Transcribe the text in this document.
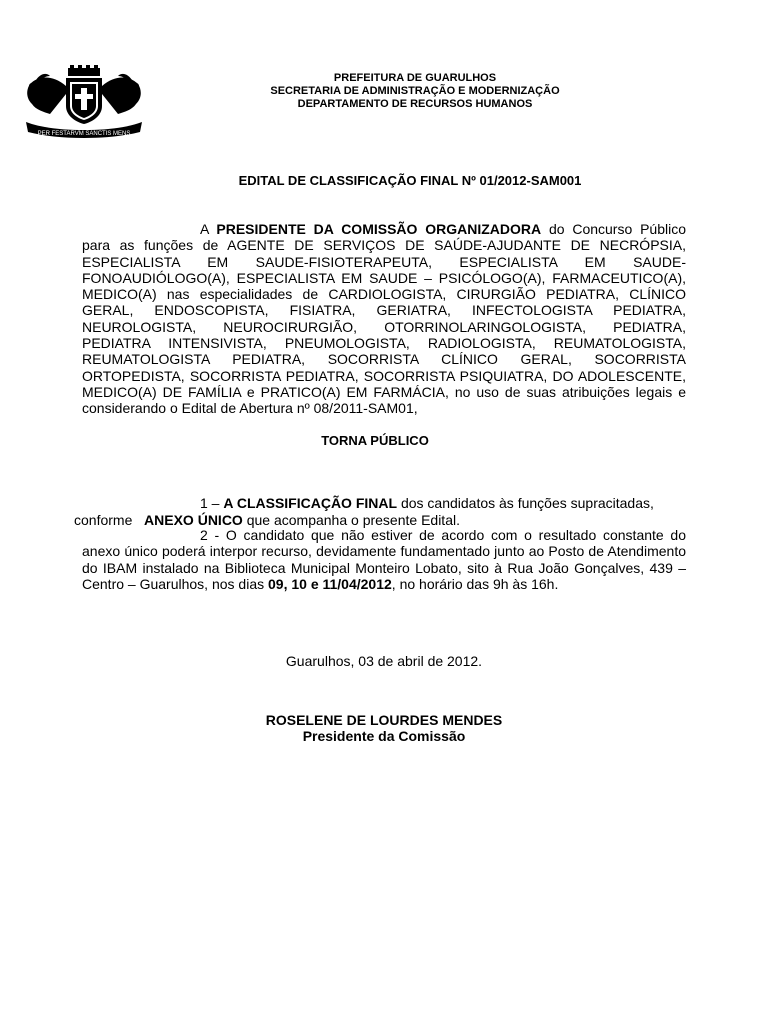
PER FESTARVM SANCTIS MENS
PREFEITURA DE GUARULHOS
SECRETARIA DE ADMINISTRAÇÃO E MODERNIZAÇÃO
DEPARTAMENTO DE RECURSOS HUMANOS
EDITAL DE CLASSIFICAÇÃO FINAL Nº 01/2012-SAM001
A PRESIDENTE DA COMISSÃO ORGANIZADORA do Concurso Público para as funções de AGENTE DE SERVIÇOS DE SAÚDE-AJUDANTE DE NECRÓPSIA, ESPECIALISTA EM SAUDE-FISIOTERAPEUTA, ESPECIALISTA EM SAUDE-FONOAUDIÓLOGO(A), ESPECIALISTA EM SAUDE – PSICÓLOGO(A), FARMACEUTICO(A), MEDICO(A) nas especialidades de CARDIOLOGISTA, CIRURGIÃO PEDIATRA, CLÍNICO GERAL, ENDOSCOPISTA, FISIATRA, GERIATRA, INFECTOLOGISTA PEDIATRA, NEUROLOGISTA, NEUROCIRURGIÃO, OTORRINOLARINGOLOGISTA, PEDIATRA, PEDIATRA INTENSIVISTA, PNEUMOLOGISTA, RADIOLOGISTA, REUMATOLOGISTA, REUMATOLOGISTA PEDIATRA, SOCORRISTA CLÍNICO GERAL, SOCORRISTA ORTOPEDISTA, SOCORRISTA PEDIATRA, SOCORRISTA PSIQUIATRA, DO ADOLESCENTE, MEDICO(A) DE FAMÍLIA e PRATICO(A) EM FARMÁCIA, no uso de suas atribuições legais e considerando o Edital de Abertura nº 08/2011-SAM01,
TORNA PÚBLICO
1 – A CLASSIFICAÇÃO FINAL dos candidatos às funções supracitadas,
conforme   ANEXO ÚNICO que acompanha o presente Edital.
2 - O candidato que não estiver de acordo com o resultado constante do anexo único poderá interpor recurso, devidamente fundamentado junto ao Posto de Atendimento do IBAM instalado na Biblioteca Municipal Monteiro Lobato, sito à Rua João Gonçalves, 439 – Centro – Guarulhos, nos dias 09, 10 e 11/04/2012, no horário das 9h às 16h.
Guarulhos, 03 de abril de 2012.
ROSELENE DE LOURDES MENDES
Presidente da Comissão
